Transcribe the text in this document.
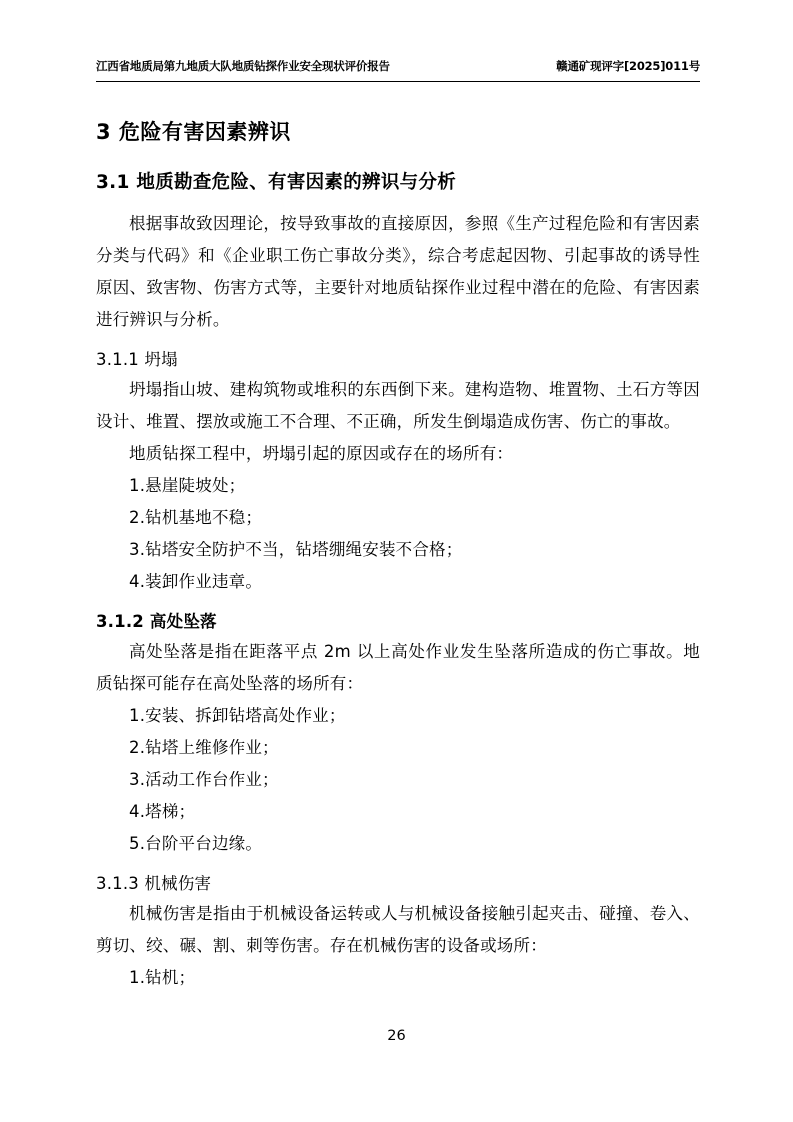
江西省地质局第九地质大队地质钻探作业安全现状评价报告	赣通矿现评字[2025]011号
3 危险有害因素辨识
3.1 地质勘查危险、有害因素的辨识与分析

根据事故致因理论，按导致事故的直接原因，参照《生产过程危险和有害因素分类与代码》和《企业职工伤亡事故分类》，综合考虑起因物、引起事故的诱导性原因、致害物、伤害方式等，主要针对地质钻探作业过程中潜在的危险、有害因素进行辨识与分析。

3.1.1 坍塌

坍塌指山坡、建构筑物或堆积的东西倒下来。建构造物、堆置物、土石方等因设计、堆置、摆放或施工不合理、不正确，所发生倒塌造成伤害、伤亡的事故。

地质钻探工程中，坍塌引起的原因或存在的场所有：

1.悬崖陡坡处；

2.钻机基地不稳；

3.钻塔安全防护不当，钻塔绷绳安装不合格；

4.装卸作业违章。

3.1.2 高处坠落

高处坠落是指在距落平点 2m 以上高处作业发生坠落所造成的伤亡事故。地质钻探可能存在高处坠落的场所有：

1.安装、拆卸钻塔高处作业；

2.钻塔上维修作业；

3.活动工作台作业；

4.塔梯；

5.台阶平台边缘。

3.1.3 机械伤害

机械伤害是指由于机械设备运转或人与机械设备接触引起夹击、碰撞、卷入、剪切、绞、碾、割、刺等伤害。存在机械伤害的设备或场所：

1.钻机；

26
